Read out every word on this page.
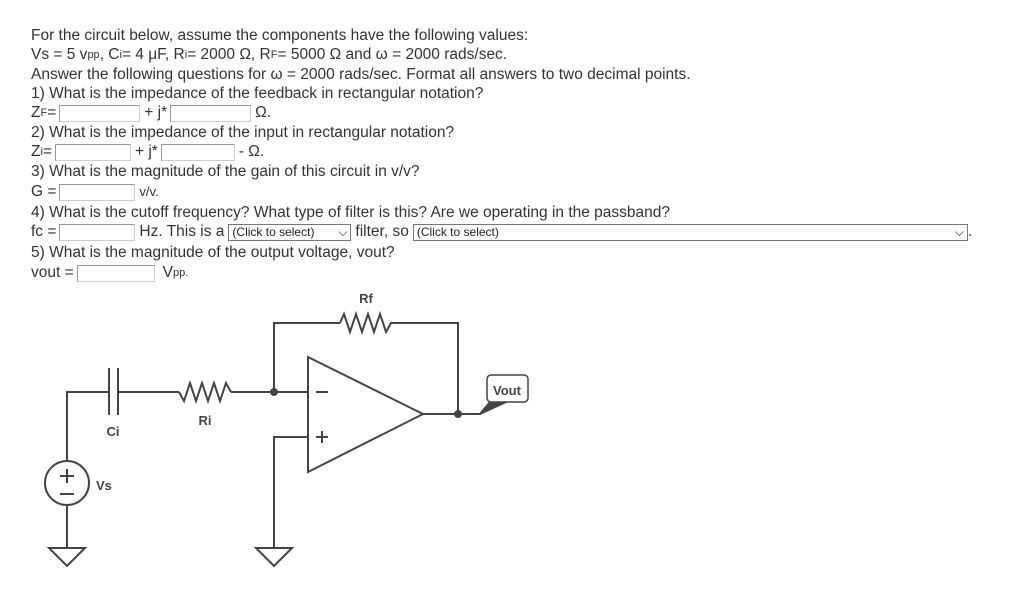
For the circuit below, assume the components have the following values:
Vs = 5 v pp , C i = 4 μF, R i = 2000 Ω, R F = 5000 Ω and ω = 2000 rads/sec.
Answer the following questions for ω = 2000 rads/sec. Format all answers to two decimal points.
1) What is the impedance of the feedback in rectangular notation?
Z F =	+ j*	Ω.
2) What is the impedance of the input in rectangular notation?
Z i =	+ j*	- Ω.
3) What is the magnitude of the gain of this circuit in v/v?
G =	v/v.
4) What is the cutoff frequency? What type of filter is this? Are we operating in the passband?
fc =	Hz. This is a (Click to select) ⌵ filter, so (Click to select)	⌵ .
5) What is the magnitude of the output voltage, vout?
vout =	V pp.
Rf
Ri
Ci
Vs
Vout
